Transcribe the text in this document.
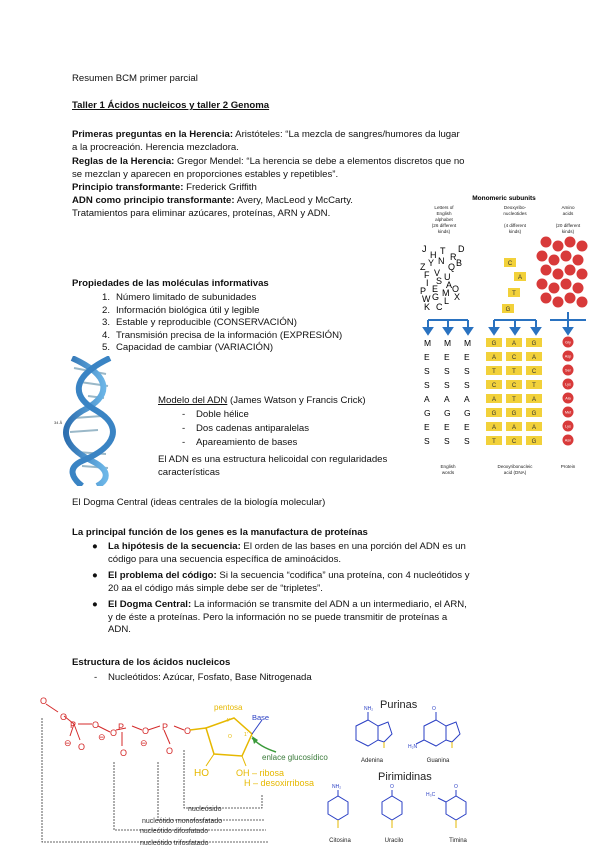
Resumen BCM primer parcial
Taller 1 Ácidos nucleicos y taller 2 Genoma
Primeras preguntas en la Herencia: Aristóteles: “La mezcla de sangres/humores da lugar
a la procreación. Herencia mezcladora.
Reglas de la Herencia: Gregor Mendel: “La herencia se debe a elementos discretos que no
se mezclan y aparecen en proporciones estables y repetibles”.
Principio transformante: Frederick Griffith
ADN como principio transformante: Avery, MacLeod y McCarty.
Tratamientos para eliminar azúcares, proteínas, ARN y ADN.
Propiedades de las moléculas informativas
1. Número limitado de subunidades
2. Información biológica útil y legible
3. Estable y reproducible (CONSERVACIÓN)
4. Transmisión precisa de la información (EXPRESIÓN)
5. Capacidad de cambiar (VARIACIÓN)
34 Å
Modelo del ADN (James Watson y Francis Crick)
- Doble hélice
- Dos cadenas antiparalelas
- Apareamiento de bases
El ADN es una estructura helicoidal con regularidades
características
El Dogma Central (ideas centrales de la biología molecular)
La principal función de los genes es la manufactura de proteínas
● La hipótesis de la secuencia: El orden de las bases en una porción del ADN es un
código para una secuencia específica de aminoácidos.
● El problema del código: Si la secuencia “codifica” una proteína, con 4 nucleótidos y
20 aa el código más simple debe ser de “tripletes”.
● El Dogma Central: La información se transmite del ADN a un intermediario, el ARN,
y de éste a proteínas. Pero la información no se puede transmitir de proteínas a
ADN.
Estructura de los ácidos nucleicos
- Nucleótidos: Azúcar, Fosfato, Base Nitrogenada
Monomeric subunits
Letters of
English
alphabet
(26 different
kinds)
Deoxyribo-
nucleotides
(4 different
kinds)
Amino
acids
(20 different
kinds)
J
H T
R
D
Z Y N
Q B
F V U
I S A
P E M O
W G L X
K C
C
A
T
G
M M M
E E E
S S S
S S S
A A A
G G G
E E E
S S S
G	A	G
A	C	A
T	T	C
C	C	T
A	T	A
G	G	G
A	A	A
T	C	G
Gly
Asp
Ser
Lys
Ala
Met
Lys
Asn
English
words
Deoxyribonucleic
acid (DNA)
Protein
O
O
P
⊖ O
O
O
P
O
O P
O
O
⊖
⊖
pentosa
O
4'
1'
Base
enlace glucosídico
HO	OH – ribosa
H – desoxirribosa
nucleósido
nucleótido monofosfatado
nucleótido difosfatado
nucleótido trifosfatado
Purinas
NH₂	O
H₂N
Adenina	Guanina
Pirimidinas
NH₂	O	O
H₃C
Citosina	Uracilo	Timina
